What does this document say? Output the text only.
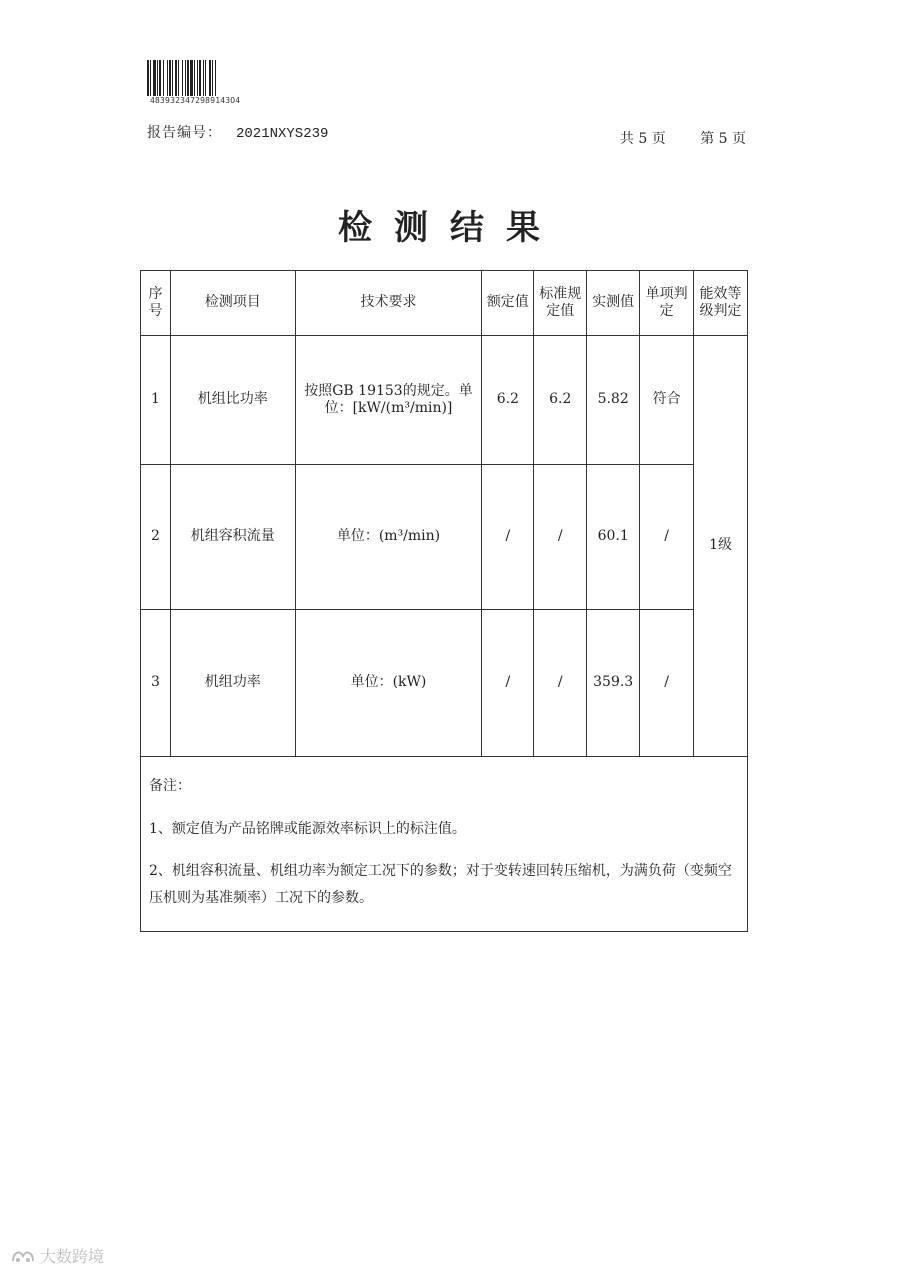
4839323472989143O4
报告编号： 2021NXYS239	共 5 页 第 5 页
检测结果
序号	检测项目	技术要求	额定值	标准规定值	实测值	单项判定	能效等级判定
1	机组比功率	按照GB 19153的规定。单位：[kW/(m³/min)]	6.2	6.2	5.82	符合	1级
2	机组容积流量	单位：(m³/min)	/	/	60.1	/	
3	机组功率	单位：(kW)	/	/	359.3	/	

备注：

1、额定值为产品铭牌或能源效率标识上的标注值。

2、机组容积流量、机组功率为额定工况下的参数；对于变转速回转压缩机，为满负荷（变频空压机则为基准频率）工况下的参数。							

大数跨境
